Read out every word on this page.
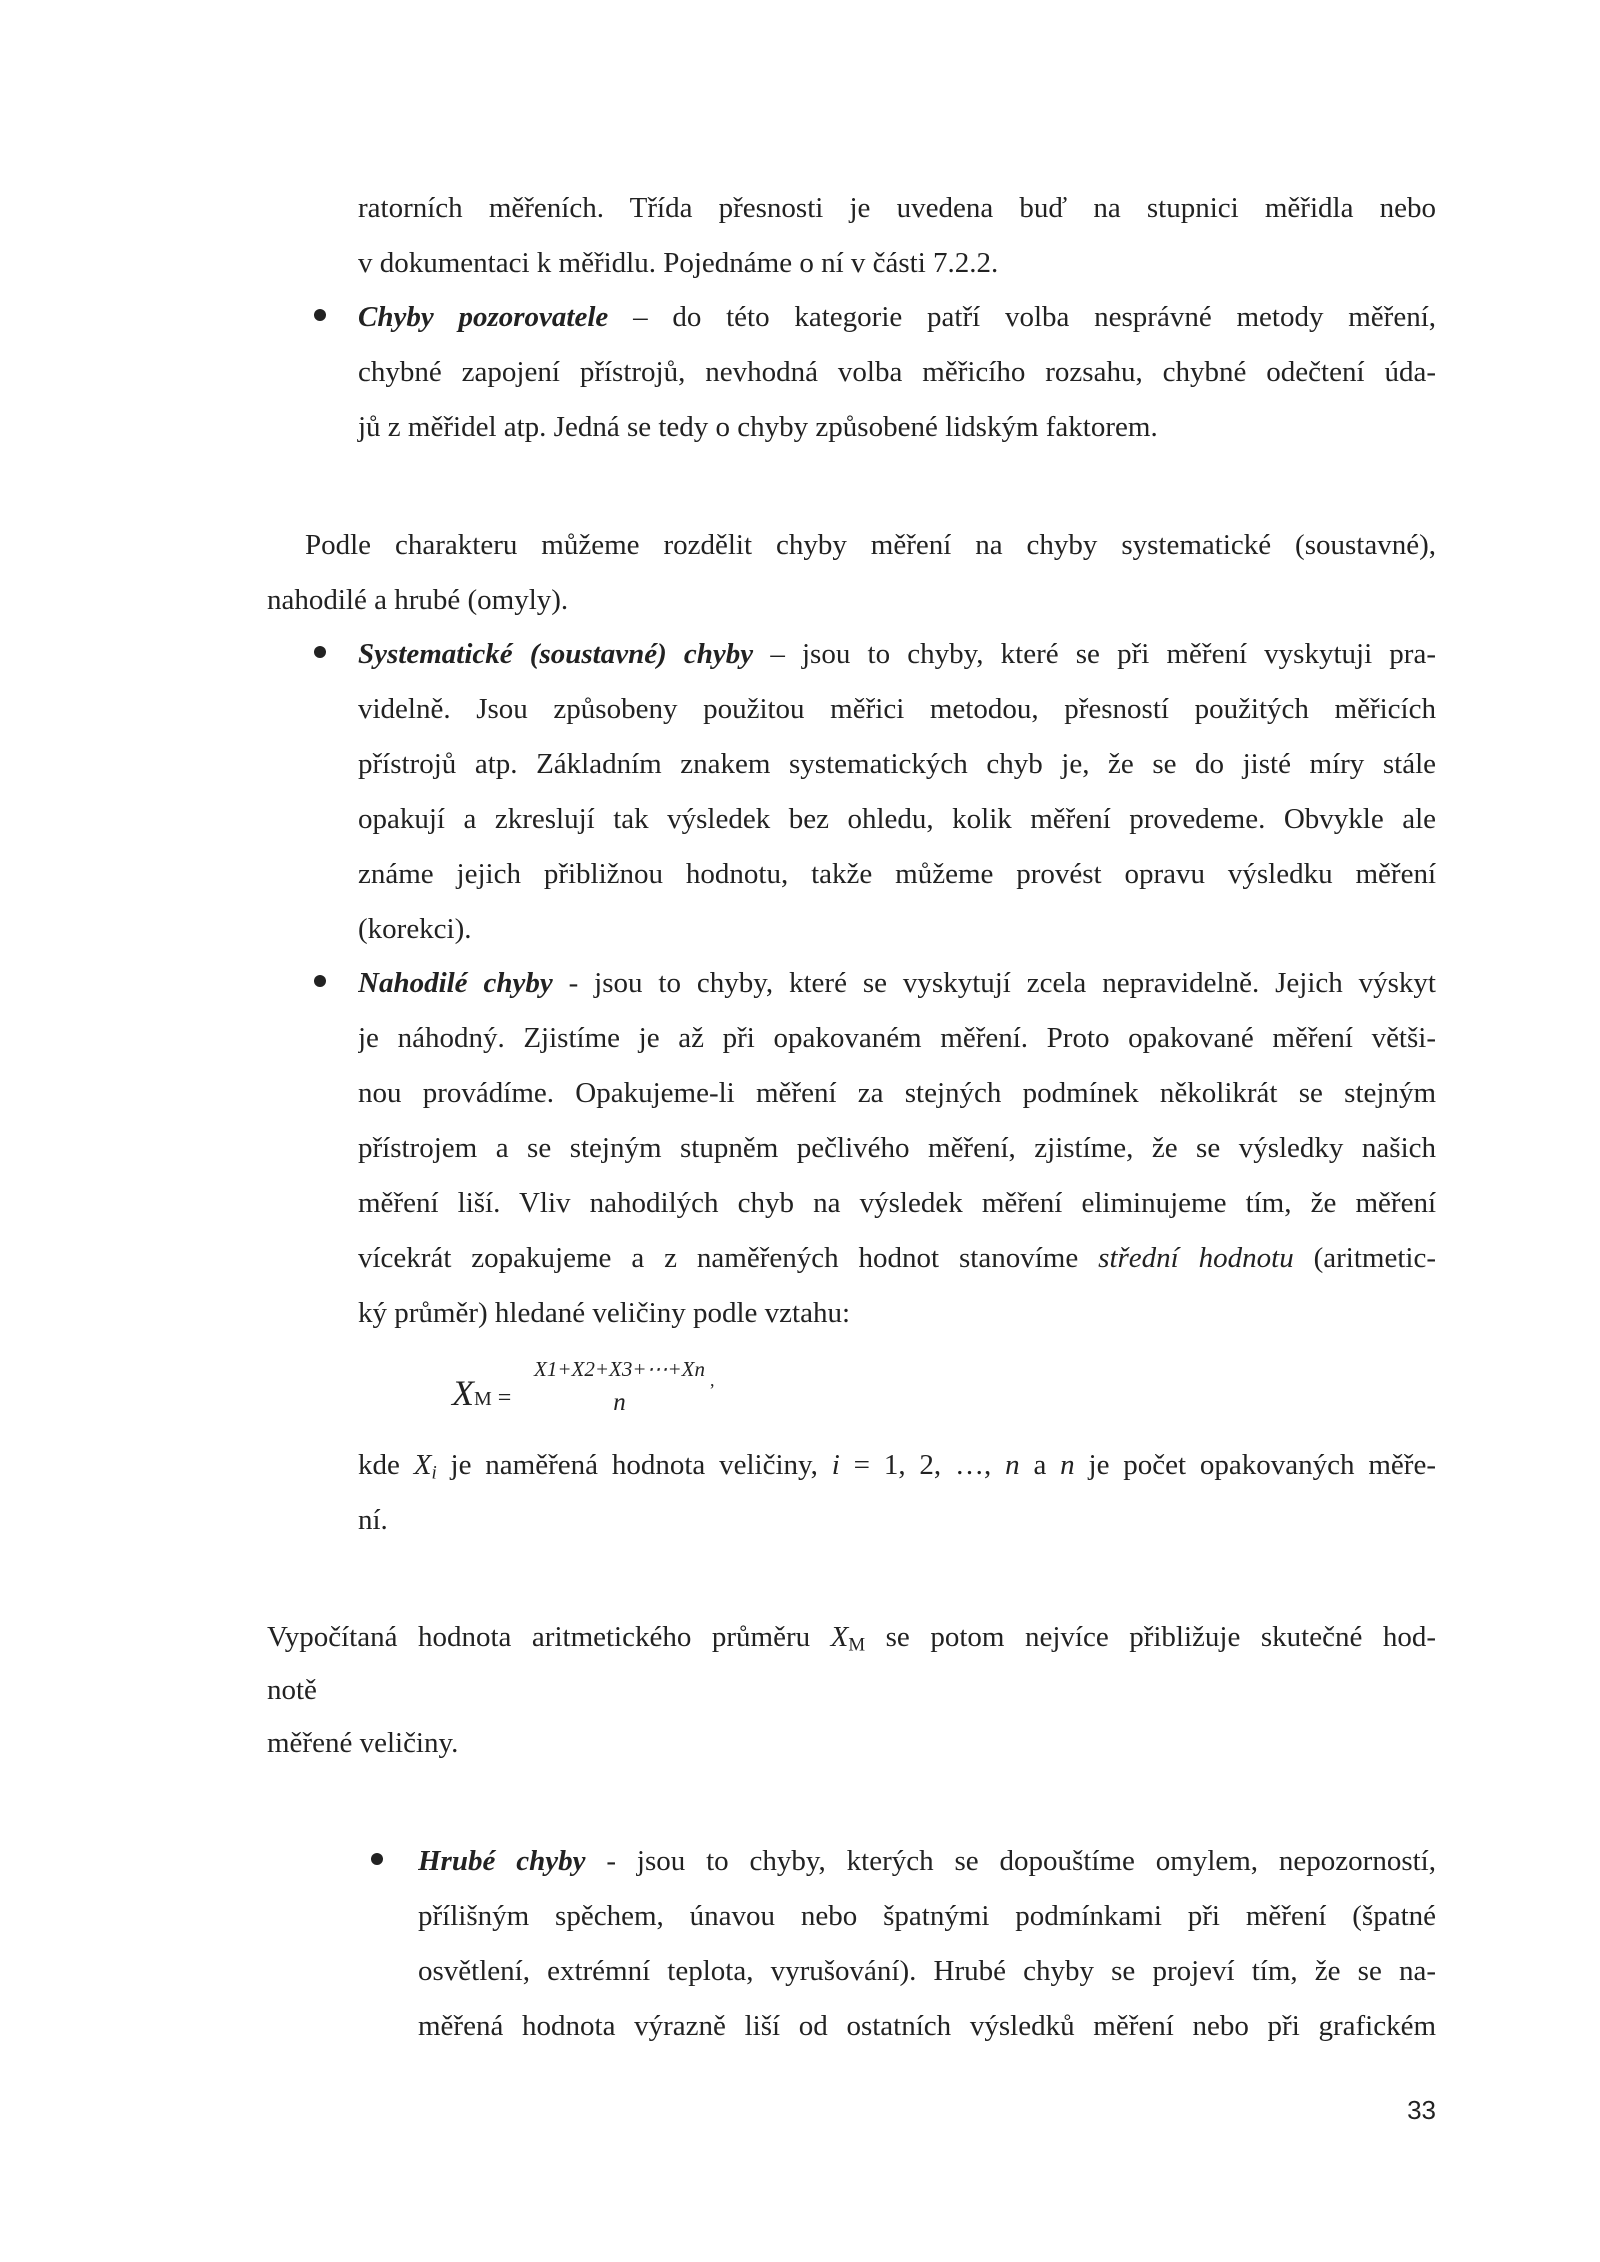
ratorních měřeních. Třída přesnosti je uvedena buď na stupnici měřidla nebo
v dokumentaci k měřidlu. Pojednáme o ní v části 7.2.2.
Chyby pozorovatele – do této kategorie patří volba nesprávné metody měření,
chybné zapojení přístrojů, nevhodná volba měřicího rozsahu, chybné odečtení úda-
jů z měřidel atp. Jedná se tedy o chyby způsobené lidským faktorem.
Podle charakteru můžeme rozdělit chyby měření na chyby systematické (soustavné),
nahodilé a hrubé (omyly).
Systematické (soustavné) chyby – jsou to chyby, které se při měření vyskytuji pra-
videlně. Jsou způsobeny použitou měřici metodou, přesností použitých měřicích
přístrojů atp. Základním znakem systematických chyb je, že se do jisté míry stále
opakují a zkreslují tak výsledek bez ohledu, kolik měření provedeme. Obvykle ale
známe jejich přibližnou hodnotu, takže můžeme provést opravu výsledku měření
(korekci).
Nahodilé chyby - jsou to chyby, které se vyskytují zcela nepravidelně. Jejich výskyt
je náhodný. Zjistíme je až při opakovaném měření. Proto opakované měření větši-
nou provádíme. Opakujeme-li měření za stejných podmínek několikrát se stejným
přístrojem a se stejným stupněm pečlivého měření, zjistíme, že se výsledky našich
měření liší. Vliv nahodilých chyb na výsledek měření eliminujeme tím, že měření
vícekrát zopakujeme a z naměřených hodnot stanovíme střední hodnotu (aritmetic-
ký průměr) hledané veličiny podle vztahu:
XM =
X1+X2+X3+⋯+Xn
n
,
kde $X_i$ je naměřená hodnota veličiny, i = 1, 2, …, n a n je počet opakovaných měře-
ní.
Vypočítaná hodnota aritmetického průměru $X_M$ se potom nejvíce přibližuje skutečné hod-
notě
měřené veličiny.
Hrubé chyby - jsou to chyby, kterých se dopouštíme omylem, nepozorností,
přílišným spěchem, únavou nebo špatnými podmínkami při měření (špatné
osvětlení, extrémní teplota, vyrušování). Hrubé chyby se projeví tím, že se na-
měřená hodnota výrazně liší od ostatních výsledků měření nebo při grafickém
33
